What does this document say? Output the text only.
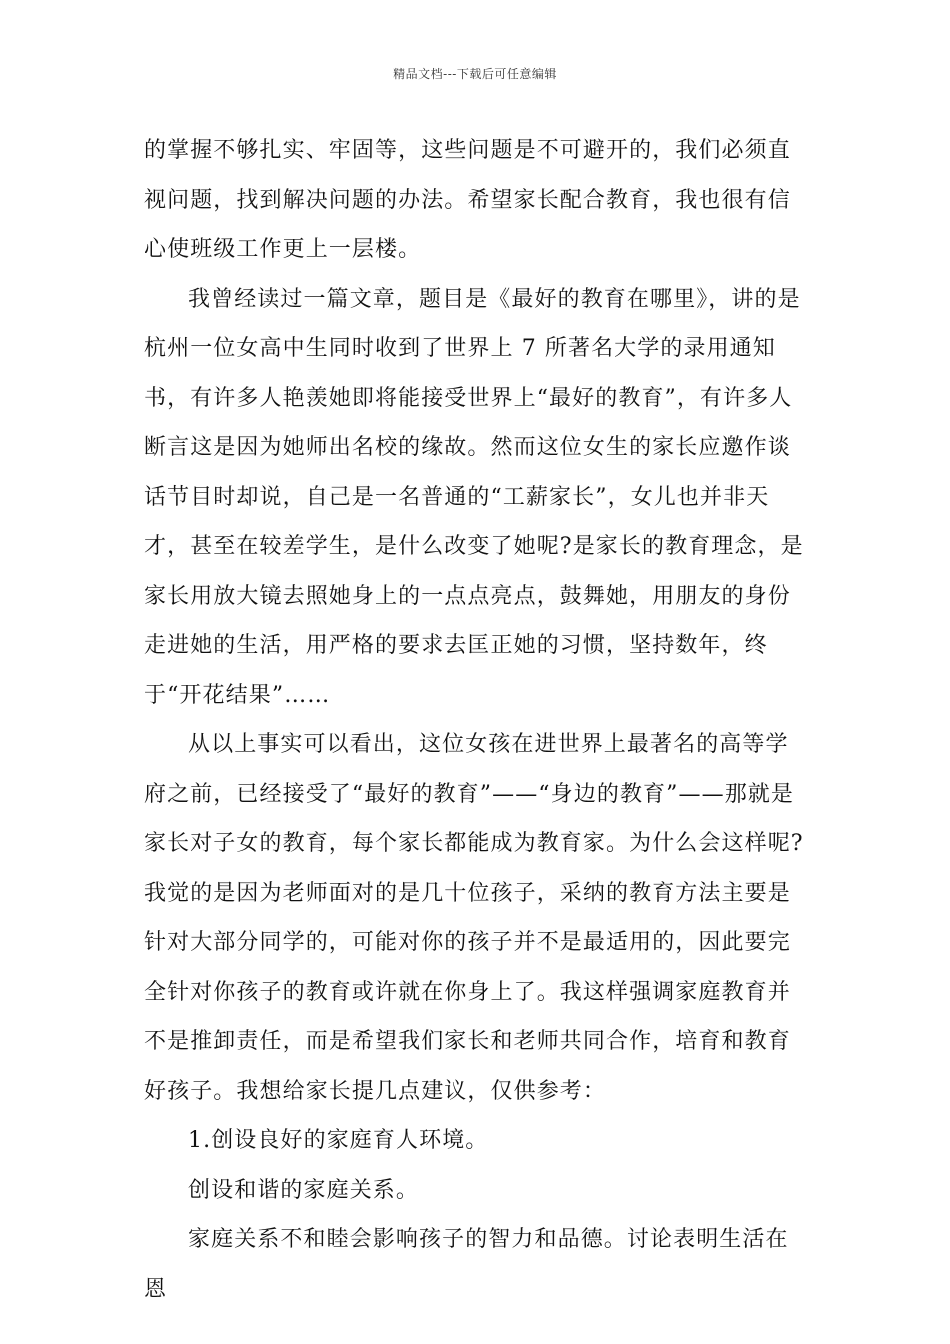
精品文档---下载后可任意编辑

的掌握不够扎实、牢固等，这些问题是不可避开的，我们必须直视问题，找到解决问题的办法。希望家长配合教育，我也很有信心使班级工作更上一层楼。

我曾经读过一篇文章，题目是《最好的教育在哪里》，讲的是杭州一位女高中生同时收到了世界上 7 所著名大学的录用通知书，有许多人艳羡她即将能接受世界上“最好的教育”，有许多人断言这是因为她师出名校的缘故。然而这位女生的家长应邀作谈话节目时却说，自己是一名普通的“工薪家长”，女儿也并非天才，甚至在较差学生，是什么改变了她呢?是家长的教育理念，是家长用放大镜去照她身上的一点点亮点，鼓舞她，用朋友的身份走进她的生活，用严格的要求去匡正她的习惯，坚持数年，终于“开花结果”……

从以上事实可以看出，这位女孩在进世界上最著名的高等学府之前，已经接受了“最好的教育”——“身边的教育”——那就是家长对子女的教育，每个家长都能成为教育家。为什么会这样呢?我觉的是因为老师面对的是几十位孩子，采纳的教育方法主要是针对大部分同学的，可能对你的孩子并不是最适用的，因此要完全针对你孩子的教育或许就在你身上了。我这样强调家庭教育并不是推卸责任，而是希望我们家长和老师共同合作，培育和教育好孩子。我想给家长提几点建议，仅供参考：

1.创设良好的家庭育人环境。

创设和谐的家庭关系。

家庭关系不和睦会影响孩子的智力和品德。讨论表明生活在恩
